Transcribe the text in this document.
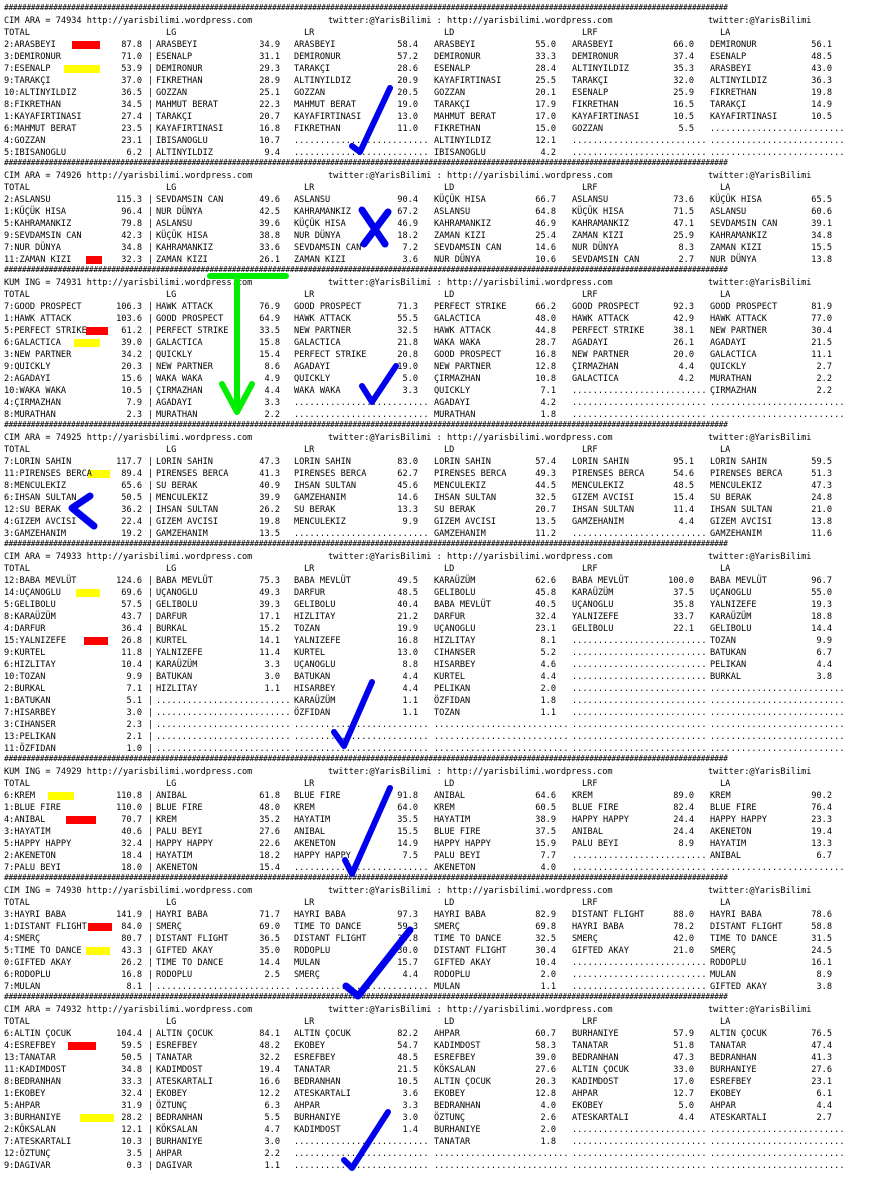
##################################################################################################################################################################
CIM ARA = 74934 http://yarisbilimi.wordpress.com	twitter:@YarisBilimi : http://yarisbilimi.wordpress.com	twitter:@YarisBilimi
TOTAL	LG	LR	LD	LRF	LA
2:ARASBEYI	87.8 | ARASBEYI	34.9 ARASBEYI	58.4 ARASBEYI	55.0 ARASBEYI	66.0 DEMIRONUR	56.1
3:DEMIRONUR	71.0 | ESENALP	31.1 DEMIRONUR	57.2 DEMIRONUR	33.3 DEMIRONUR	37.4 ESENALP	48.5
7:ESENALP	53.9 | DEMIRONUR	29.3 TARAKÇI	28.6 ESENALP	28.4 ALTINYILDIZ	35.3 ARASBEYI	43.0
9:TARAKÇI	37.0 | FIKRETHAN	28.9 ALTINYILDIZ	20.9 KAYAFIRTINASI	25.5 TARAKÇI	32.0 ALTINYILDIZ	36.3
10:ALTINYILDIZ	36.5 | GOZZAN	25.1 GOZZAN	20.5 GOZZAN	20.1 ESENALP	25.9 FIKRETHAN	19.8
8:FIKRETHAN	34.5 | MAHMUT BERAT	22.3 MAHMUT BERAT	19.0 TARAKÇI	17.9 FIKRETHAN	16.5 TARAKÇI	14.9
1:KAYAFIRTINASI	27.4 | TARAKÇI	20.7 KAYAFIRTINASI	13.0 MAHMUT BERAT	17.0 KAYAFIRTINASI	10.5 KAYAFIRTINASI	10.5
6:MAHMUT BERAT	23.5 | KAYAFIRTINASI	16.8 FIKRETHAN	11.0 FIKRETHAN	15.0 GOZZAN	5.5 ..........................
4:GOZZAN	23.1 | IBISANOGLU	10.7 .......................... ALTINYILDIZ	12.1 .......................... ..........................
5:IBISANOGLU	6.2 | ALTINYILDIZ	9.4 .......................... IBISANOGLU	4.2 .......................... ..........................
##################################################################################################################################################################
CIM ARA = 74926 http://yarisbilimi.wordpress.com	twitter:@YarisBilimi : http://yarisbilimi.wordpress.com	twitter:@YarisBilimi
TOTAL	LG	LR	LD	LRF	LA
2:ASLANSU	115.3 | SEVDAMSIN CAN	49.6 ASLANSU	90.4 KÜÇÜK HISA	66.7 ASLANSU	73.6 KÜÇÜK HISA	65.5
1:KÜÇÜK HISA	96.4 | NUR DÜNYA	42.5 KAHRAMANKIZ	67.2 ASLANSU	64.8 KÜÇÜK HISA	71.5 ASLANSU	60.6
5:KAHRAMANKIZ	79.8 | ASLANSU	39.6 KÜÇÜK HISA	46.9 KAHRAMANKIZ	46.9 KAHRAMANKIZ	47.1 SEVDAMSIN CAN	39.1
9:SEVDAMSIN CAN	42.3 | KÜÇÜK HISA	38.8 NUR DÜNYA	18.2 ZAMAN KIZI	25.4 ZAMAN KIZI	25.9 KAHRAMANKIZ	34.8
7:NUR DÜNYA	34.8 | KAHRAMANKIZ	33.6 SEVDAMSIN CAN	7.2 SEVDAMSIN CAN	14.6 NUR DÜNYA	8.3 ZAMAN KIZI	15.5
11:ZAMAN KIZI	32.3 | ZAMAN KIZI	26.1 ZAMAN KIZI	3.6 NUR DÜNYA	10.6 SEVDAMSIN CAN	2.7 NUR DÜNYA	13.8
##################################################################################################################################################################
KUM ING = 74931 http://yarisbilimi.wordpress.com	twitter:@YarisBilimi : http://yarisbilimi.wordpress.com	twitter:@YarisBilimi
TOTAL	LG	LR	LD	LRF	LA
7:GOOD PROSPECT	106.3 | HAWK ATTACK	76.9 GOOD PROSPECT	71.3 PERFECT STRIKE	66.2 GOOD PROSPECT	92.3 GOOD PROSPECT	81.9
1:HAWK ATTACK	103.6 | GOOD PROSPECT	64.9 HAWK ATTACK	55.5 GALACTICA	48.0 HAWK ATTACK	42.9 HAWK ATTACK	77.0
5:PERFECT STRIKE	61.2 | PERFECT STRIKE	33.5 NEW PARTNER	32.5 HAWK ATTACK	44.8 PERFECT STRIKE	38.1 NEW PARTNER	30.4
6:GALACTICA	39.0 | GALACTICA	15.8 GALACTICA	21.8 WAKA WAKA	28.7 AGADAYI	26.1 AGADAYI	21.5
3:NEW PARTNER	34.2 | QUICKLY	15.4 PERFECT STRIKE	20.8 GOOD PROSPECT	16.8 NEW PARTNER	20.0 GALACTICA	11.1
9:QUICKLY	20.3 | NEW PARTNER	8.6 AGADAYI	19.0 NEW PARTNER	12.8 ÇIRMAZHAN	4.4 QUICKLY	2.7
2:AGADAYI	15.6 | WAKA WAKA	4.9 QUICKLY	5.0 ÇIRMAZHAN	10.8 GALACTICA	4.2 MURATHAN	2.2
10:WAKA WAKA	10.5 | ÇIRMAZHAN	4.4 WAKA WAKA	3.3 QUICKLY	7.1 .......................... ÇIRMAZHAN	2.2
4:ÇIRMAZHAN	7.9 | AGADAYI	3.3 .......................... AGADAYI	4.2 .......................... ..........................
8:MURATHAN	2.3 | MURATHAN	2.2 .......................... MURATHAN	1.8 .......................... ..........................
##################################################################################################################################################################
CIM ARA = 74925 http://yarisbilimi.wordpress.com	twitter:@YarisBilimi : http://yarisbilimi.wordpress.com	twitter:@YarisBilimi
TOTAL	LG	LR	LD	LRF	LA
7:LORIN SAHIN	117.7 | LORIN SAHIN	47.3 LORIN SAHIN	83.0 LORIN SAHIN	57.4 LORIN SAHIN	95.1 LORIN SAHIN	59.5
11:PIRENSES BERCA	89.4 | PIRENSES BERCA	41.3 PIRENSES BERCA	62.7 PIRENSES BERCA	49.3 PIRENSES BERCA	54.6 PIRENSES BERCA	51.3
8:MENCULEKIZ	65.6 | SU BERAK	40.9 IHSAN SULTAN	45.6 MENCULEKIZ	44.5 MENCULEKIZ	48.5 MENCULEKIZ	47.3
6:IHSAN SULTAN	50.5 | MENCULEKIZ	39.9 GAMZEHANIM	14.6 IHSAN SULTAN	32.5 GIZEM AVCISI	15.4 SU BERAK	24.8
12:SU BERAK	36.2 | IHSAN SULTAN	26.2 SU BERAK	13.3 SU BERAK	20.7 IHSAN SULTAN	11.4 IHSAN SULTAN	21.0
4:GIZEM AVCISI	22.4 | GIZEM AVCISI	19.8 MENCULEKIZ	9.9 GIZEM AVCISI	13.5 GAMZEHANIM	4.4 GIZEM AVCISI	13.8
3:GAMZEHANIM	19.2 | GAMZEHANIM	13.5 .......................... GAMZEHANIM	11.2 .......................... GAMZEHANIM	11.6
##################################################################################################################################################################
CIM ARA = 74933 http://yarisbilimi.wordpress.com	twitter:@YarisBilimi : http://yarisbilimi.wordpress.com	twitter:@YarisBilimi
TOTAL	LG	LR	LD	LRF	LA
12:BABA MEVLÜT	124.6 | BABA MEVLÜT	75.3 BABA MEVLÜT	49.5 KARAÜZÜM	62.6 BABA MEVLÜT	100.0 BABA MEVLÜT	96.7
14:UÇANOGLU	69.6 | UÇANOGLU	49.3 DARFUR	48.5 GELIBOLU	45.8 KARAÜZÜM	37.5 UÇANOGLU	55.0
5:GELIBOLU	57.5 | GELIBOLU	39.3 GELIBOLU	40.4 BABA MEVLÜT	40.5 UÇANOGLU	35.8 YALNIZEFE	19.3
8:KARAÜZÜM	43.7 | DARFUR	17.1 HIZLITAY	21.2 DARFUR	32.4 YALNIZEFE	33.7 KARAÜZÜM	18.8
4:DARFUR	36.4 | BURKAL	15.2 TOZAN	19.9 UÇANOGLU	23.1 GELIBOLU	22.1 GELIBOLU	14.4
15:YALNIZEFE	26.8 | KURTEL	14.1 YALNIZEFE	16.8 HIZLITAY	8.1 .......................... TOZAN	9.9
9:KURTEL	11.8 | YALNIZEFE	11.4 KURTEL	13.0 CIHANSER	5.2 .......................... BATUKAN	6.7
6:HIZLITAY	10.4 | KARAÜZÜM	3.3 UÇANOGLU	8.8 HISARBEY	4.6 .......................... PELIKAN	4.4
10:TOZAN	9.9 | BATUKAN	3.0 BATUKAN	4.4 KURTEL	4.4 .......................... BURKAL	3.8
2:BURKAL	7.1 | HIZLITAY	1.1 HISARBEY	4.4 PELIKAN	2.0 .......................... ..........................
1:BATUKAN	5.1 | .......................... KARAÜZÜM	1.1 ÖZFIDAN	1.8 .......................... ..........................
7:HISARBEY	3.0 | .......................... ÖZFIDAN	1.1 TOZAN	1.1 .......................... ..........................
3:CIHANSER	2.3 | .......................... .......................... .......................... .......................... ..........................
13:PELIKAN	2.1 | .......................... .......................... .......................... .......................... ..........................
11:ÖZFIDAN	1.0 | .......................... .......................... .......................... .......................... ..........................
##################################################################################################################################################################
KUM ING = 74929 http://yarisbilimi.wordpress.com	twitter:@YarisBilimi : http://yarisbilimi.wordpress.com	twitter:@YarisBilimi
TOTAL	LG	LR	LD	LRF	LA
6:KREM	110.8 | ANIBAL	61.8 BLUE FIRE	91.8 ANIBAL	64.6 KREM	89.0 KREM	90.2
1:BLUE FIRE	110.0 | BLUE FIRE	48.0 KREM	64.0 KREM	60.5 BLUE FIRE	82.4 BLUE FIRE	76.4
4:ANIBAL	70.7 | KREM	35.2 HAYATIM	35.5 HAYATIM	38.9 HAPPY HAPPY	24.4 HAPPY HAPPY	23.3
3:HAYATIM	40.6 | PALU BEYI	27.6 ANIBAL	15.5 BLUE FIRE	37.5 ANIBAL	24.4 AKENETON	19.4
5:HAPPY HAPPY	32.4 | HAPPY HAPPY	22.6 AKENETON	14.9 HAPPY HAPPY	15.9 PALU BEYI	8.9 HAYATIM	13.3
2:AKENETON	18.4 | HAYATIM	18.2 HAPPY HAPPY	7.5 PALU BEYI	7.7 .......................... ANIBAL	6.7
7:PALU BEYI	18.0 | AKENETON	15.4 .......................... AKENETON	4.0 .......................... ..........................
##################################################################################################################################################################
CIM ING = 74930 http://yarisbilimi.wordpress.com	twitter:@YarisBilimi : http://yarisbilimi.wordpress.com	twitter:@YarisBilimi
TOTAL	LG	LR	LD	LRF	LA
3:HAYRI BABA	141.9 | HAYRI BABA	71.7 HAYRI BABA	97.3 HAYRI BABA	82.9 DISTANT FLIGHT	88.0 HAYRI BABA	78.6
1:DISTANT FLIGHT	84.0 | SMERÇ	69.0 TIME TO DANCE	59.3 SMERÇ	69.8 HAYRI BABA	78.2 DISTANT FLIGHT	58.8
4:SMERÇ	80.7 | DISTANT FLIGHT	36.5 DISTANT FLIGHT	38.8 TIME TO DANCE	32.5 SMERÇ	42.0 TIME TO DANCE	31.5
5:TIME TO DANCE	43.3 | GIFTED AKAY	35.0 RODOPLU	30.0 DISTANT FLIGHT	30.4 GIFTED AKAY	21.0 SMERÇ	24.5
0:GIFTED AKAY	26.2 | TIME TO DANCE	14.4 MULAN	15.7 GIFTED AKAY	10.4 .......................... RODOPLU	16.1
6:RODOPLU	16.8 | RODOPLU	2.5 SMERÇ	4.4 RODOPLU	2.0 .......................... MULAN	8.9
7:MULAN	8.1 | .......................... .......................... MULAN	1.1 .......................... GIFTED AKAY	3.8
##################################################################################################################################################################
CIM ARA = 74932 http://yarisbilimi.wordpress.com	twitter:@YarisBilimi : http://yarisbilimi.wordpress.com	twitter:@YarisBilimi
TOTAL	LG	LR	LD	LRF	LA
6:ALTIN ÇOCUK	104.4 | ALTIN ÇOCUK	84.1 ALTIN ÇOCUK	82.2 AHPAR	60.7 BURHANIYE	57.9 ALTIN ÇOCUK	76.5
4:ESREFBEY	59.5 | ESREFBEY	48.2 EKOBEY	54.7 KADIMDOST	58.3 TANATAR	51.8 TANATAR	47.4
13:TANATAR	50.5 | TANATAR	32.2 ESREFBEY	48.5 ESREFBEY	39.0 BEDRANHAN	47.3 BEDRANHAN	41.3
11:KADIMDOST	34.8 | KADIMDOST	19.4 TANATAR	21.5 KÖKSALAN	27.6 ALTIN ÇOCUK	33.0 BURHANIYE	27.6
8:BEDRANHAN	33.3 | ATESKARTALI	16.6 BEDRANHAN	10.5 ALTIN ÇOCUK	20.3 KADIMDOST	17.0 ESREFBEY	23.1
1:EKOBEY	32.4 | EKOBEY	12.2 ATESKARTALI	3.6 EKOBEY	12.8 AHPAR	12.7 EKOBEY	6.1
5:AHPAR	31.9 | ÖZTUNÇ	6.3 AHPAR	3.3 BEDRANHAN	4.0 EKOBEY	5.0 AHPAR	4.4
3:BURHANIYE	28.2 | BEDRANHAN	5.5 BURHANIYE	3.0 ÖZTUNÇ	2.6 ATESKARTALI	4.4 ATESKARTALI	2.7
2:KÖKSALAN	12.1 | KÖKSALAN	4.7 KADIMDOST	1.4 BURHANIYE	2.0 .......................... ..........................
7:ATESKARTALI	10.3 | BURHANIYE	3.0 .......................... TANATAR	1.8 .......................... ..........................
12:ÖZTUNÇ	3.5 | AHPAR	2.2 .......................... .......................... .......................... ..........................
9:DAGIVAR	0.3 | DAGIVAR	1.1 .......................... .......................... .......................... ..........................
